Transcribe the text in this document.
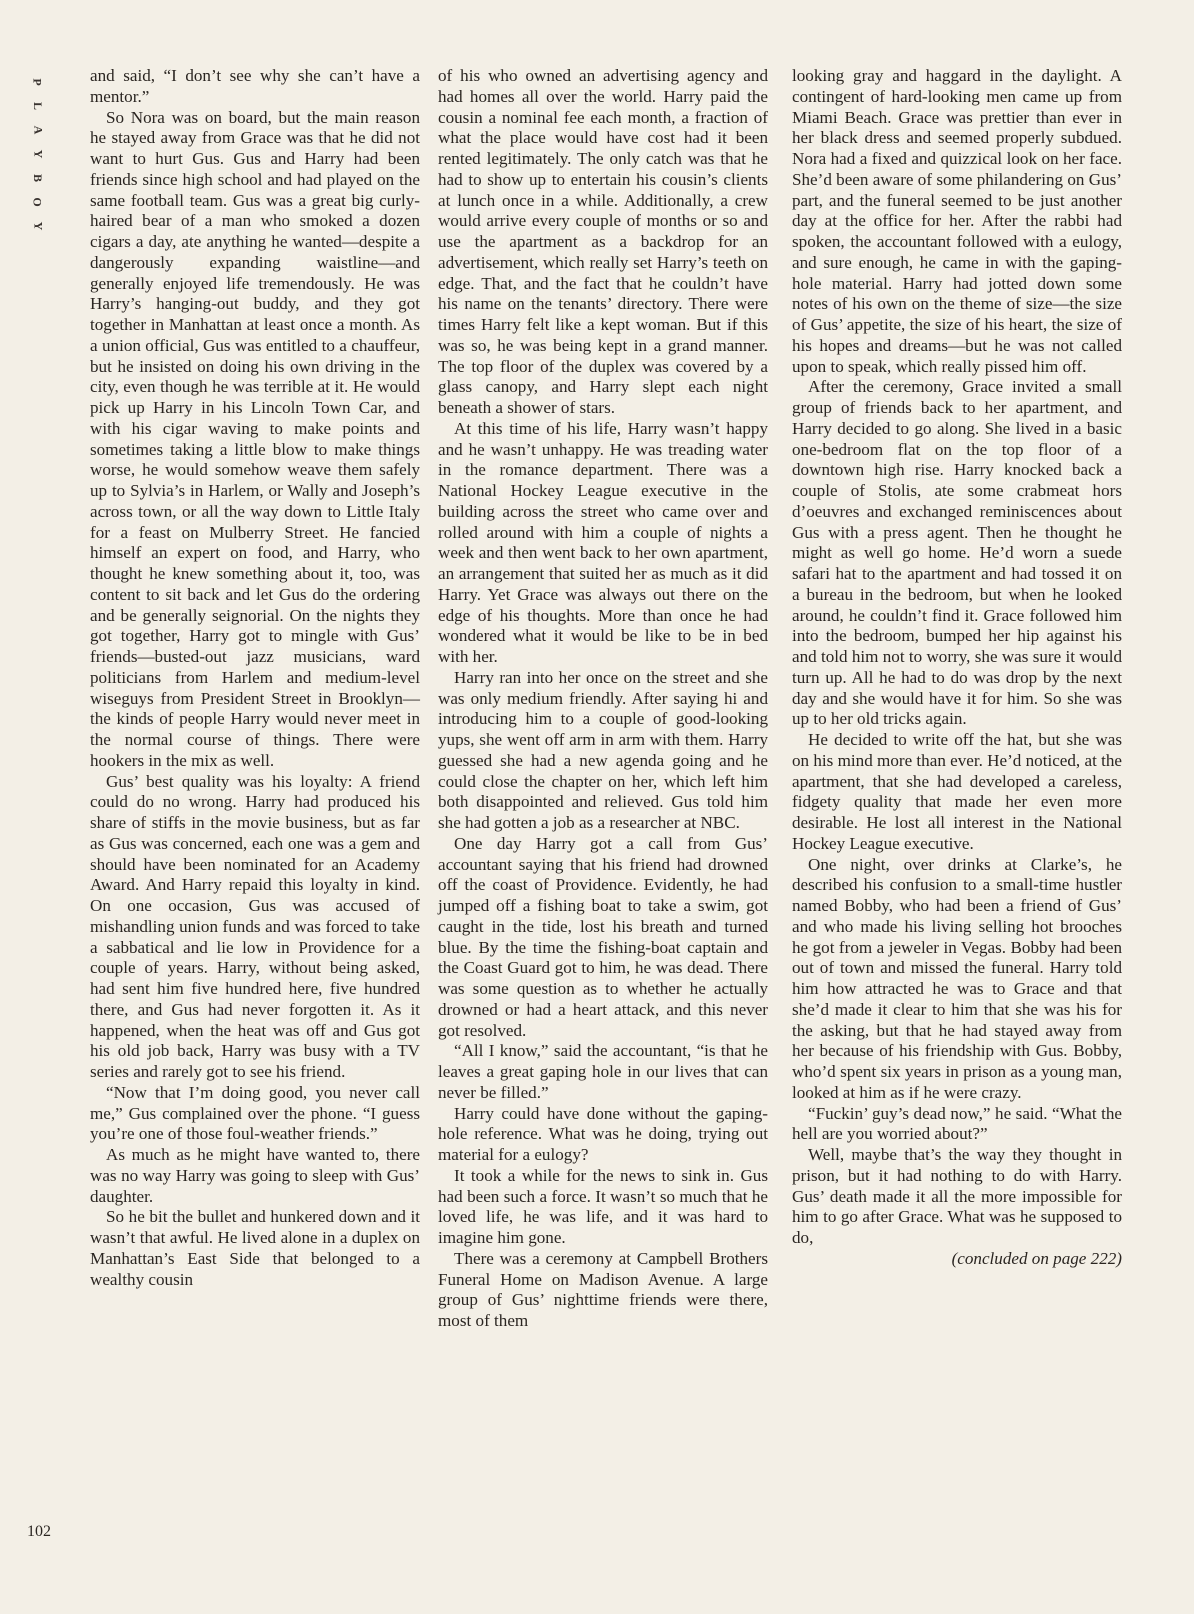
P
L
A
Y
B
O
Y

and said, “I don’t see why she can’t have a mentor.”

So Nora was on board, but the main reason he stayed away from Grace was that he did not want to hurt Gus. Gus and Harry had been friends since high school and had played on the same football team. Gus was a great big curly-haired bear of a man who smoked a dozen cigars a day, ate anything he wanted—despite a dangerously expanding waistline—and generally enjoyed life tremendously. He was Harry’s hanging-out buddy, and they got together in Manhattan at least once a month. As a union official, Gus was entitled to a chauffeur, but he insisted on doing his own driving in the city, even though he was terrible at it. He would pick up Harry in his Lincoln Town Car, and with his cigar waving to make points and sometimes taking a little blow to make things worse, he would somehow weave them safely up to Sylvia’s in Harlem, or Wally and Joseph’s across town, or all the way down to Little Italy for a feast on Mulberry Street. He fancied himself an expert on food, and Harry, who thought he knew something about it, too, was content to sit back and let Gus do the ordering and be generally seignorial. On the nights they got together, Harry got to mingle with Gus’ friends—busted-out jazz musicians, ward politicians from Harlem and medium-level wiseguys from President Street in Brooklyn—the kinds of people Harry would never meet in the normal course of things. There were hookers in the mix as well.

Gus’ best quality was his loyalty: A friend could do no wrong. Harry had produced his share of stiffs in the movie business, but as far as Gus was concerned, each one was a gem and should have been nominated for an Academy Award. And Harry repaid this loyalty in kind. On one occasion, Gus was accused of mishandling union funds and was forced to take a sabbatical and lie low in Providence for a couple of years. Harry, without being asked, had sent him five hundred here, five hundred there, and Gus had never forgotten it. As it happened, when the heat was off and Gus got his old job back, Harry was busy with a TV series and rarely got to see his friend.

“Now that I’m doing good, you never call me,” Gus complained over the phone. “I guess you’re one of those foul-weather friends.”

As much as he might have wanted to, there was no way Harry was going to sleep with Gus’ daughter.

So he bit the bullet and hunkered down and it wasn’t that awful. He lived alone in a duplex on Manhattan’s East Side that belonged to a wealthy cousin

of his who owned an advertising agency and had homes all over the world. Harry paid the cousin a nominal fee each month, a fraction of what the place would have cost had it been rented legitimately. The only catch was that he had to show up to entertain his cousin’s clients at lunch once in a while. Additionally, a crew would arrive every couple of months or so and use the apartment as a backdrop for an advertisement, which really set Harry’s teeth on edge. That, and the fact that he couldn’t have his name on the tenants’ directory. There were times Harry felt like a kept woman. But if this was so, he was being kept in a grand manner. The top floor of the duplex was covered by a glass canopy, and Harry slept each night beneath a shower of stars.

At this time of his life, Harry wasn’t happy and he wasn’t unhappy. He was treading water in the romance department. There was a National Hockey League executive in the building across the street who came over and rolled around with him a couple of nights a week and then went back to her own apartment, an arrangement that suited her as much as it did Harry. Yet Grace was always out there on the edge of his thoughts. More than once he had wondered what it would be like to be in bed with her.

Harry ran into her once on the street and she was only medium friendly. After saying hi and introducing him to a couple of good-looking yups, she went off arm in arm with them. Harry guessed she had a new agenda going and he could close the chapter on her, which left him both disappointed and relieved. Gus told him she had gotten a job as a researcher at NBC.

One day Harry got a call from Gus’ accountant saying that his friend had drowned off the coast of Providence. Evidently, he had jumped off a fishing boat to take a swim, got caught in the tide, lost his breath and turned blue. By the time the fishing-boat captain and the Coast Guard got to him, he was dead. There was some question as to whether he actually drowned or had a heart attack, and this never got resolved.

“All I know,” said the accountant, “is that he leaves a great gaping hole in our lives that can never be filled.”

Harry could have done without the gaping-hole reference. What was he doing, trying out material for a eulogy?

It took a while for the news to sink in. Gus had been such a force. It wasn’t so much that he loved life, he was life, and it was hard to imagine him gone.

There was a ceremony at Campbell Brothers Funeral Home on Madison Avenue. A large group of Gus’ nighttime friends were there, most of them

looking gray and haggard in the daylight. A contingent of hard-looking men came up from Miami Beach. Grace was prettier than ever in her black dress and seemed properly subdued. Nora had a fixed and quizzical look on her face. She’d been aware of some philandering on Gus’ part, and the funeral seemed to be just another day at the office for her. After the rabbi had spoken, the accountant followed with a eulogy, and sure enough, he came in with the gaping-hole material. Harry had jotted down some notes of his own on the theme of size—the size of Gus’ appetite, the size of his heart, the size of his hopes and dreams—but he was not called upon to speak, which really pissed him off.

After the ceremony, Grace invited a small group of friends back to her apartment, and Harry decided to go along. She lived in a basic one-bedroom flat on the top floor of a downtown high rise. Harry knocked back a couple of Stolis, ate some crabmeat hors d’oeuvres and exchanged reminiscences about Gus with a press agent. Then he thought he might as well go home. He’d worn a suede safari hat to the apartment and had tossed it on a bureau in the bedroom, but when he looked around, he couldn’t find it. Grace followed him into the bedroom, bumped her hip against his and told him not to worry, she was sure it would turn up. All he had to do was drop by the next day and she would have it for him. So she was up to her old tricks again.

He decided to write off the hat, but she was on his mind more than ever. He’d noticed, at the apartment, that she had developed a careless, fidgety quality that made her even more desirable. He lost all interest in the National Hockey League executive.

One night, over drinks at Clarke’s, he described his confusion to a small-time hustler named Bobby, who had been a friend of Gus’ and who made his living selling hot brooches he got from a jeweler in Vegas. Bobby had been out of town and missed the funeral. Harry told him how attracted he was to Grace and that she’d made it clear to him that she was his for the asking, but that he had stayed away from her because of his friendship with Gus. Bobby, who’d spent six years in prison as a young man, looked at him as if he were crazy.

“Fuckin’ guy’s dead now,” he said. “What the hell are you worried about?”

Well, maybe that’s the way they thought in prison, but it had nothing to do with Harry. Gus’ death made it all the more impossible for him to go after Grace. What was he supposed to do,

(concluded on page 222)

102
